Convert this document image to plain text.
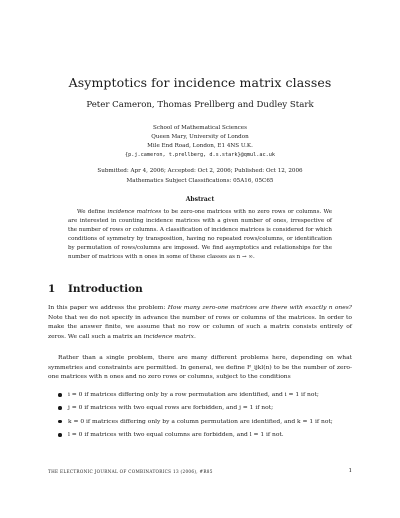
Asymptotics for incidence matrix classes
Peter Cameron, Thomas Prellberg and Dudley Stark
School of Mathematical Sciences
Queen Mary, University of London
Mile End Road, London, E1 4NS U.K.
{p.j.cameron, t.prellberg, d.s.stark}@qmul.ac.uk
Submitted: Apr 4, 2006; Accepted: Oct 2, 2006; Published: Oct 12, 2006
Mathematics Subject Classifications: 05A16, 05C65
Abstract
We define incidence matrices to be zero-one matrices with no zero rows or columns. We are interested in counting incidence matrices with a given number of ones, irrespective of the number of rows or columns. A classification of incidence matrices is considered for which conditions of symmetry by transposition, having no repeated rows/columns, or identification by permutation of rows/columns are imposed. We find asymptotics and relationships for the number of matrices with n ones in some of these classes as n → ∞.
1 Introduction
In this paper we address the problem: How many zero-one matrices are there with exactly n ones? Note that we do not specify in advance the number of rows or columns of the matrices. In order to make the answer finite, we assume that no row or column of such a matrix consists entirely of zeros. We call such a matrix an incidence matrix.
Rather than a single problem, there are many different problems here, depending on what symmetries and constraints are permitted. In general, we define F_ijkl(n) to be the number of zero-one matrices with n ones and no zero rows or columns, subject to the conditions
i = 0 if matrices differing only by a row permutation are identified, and i = 1 if not;
j = 0 if matrices with two equal rows are forbidden, and j = 1 if not;
k = 0 if matrices differing only by a column permutation are identified, and k = 1 if not;
l = 0 if matrices with two equal columns are forbidden, and l = 1 if not.
THE ELECTRONIC JOURNAL OF COMBINATORICS 13 (2006), #R85	1
